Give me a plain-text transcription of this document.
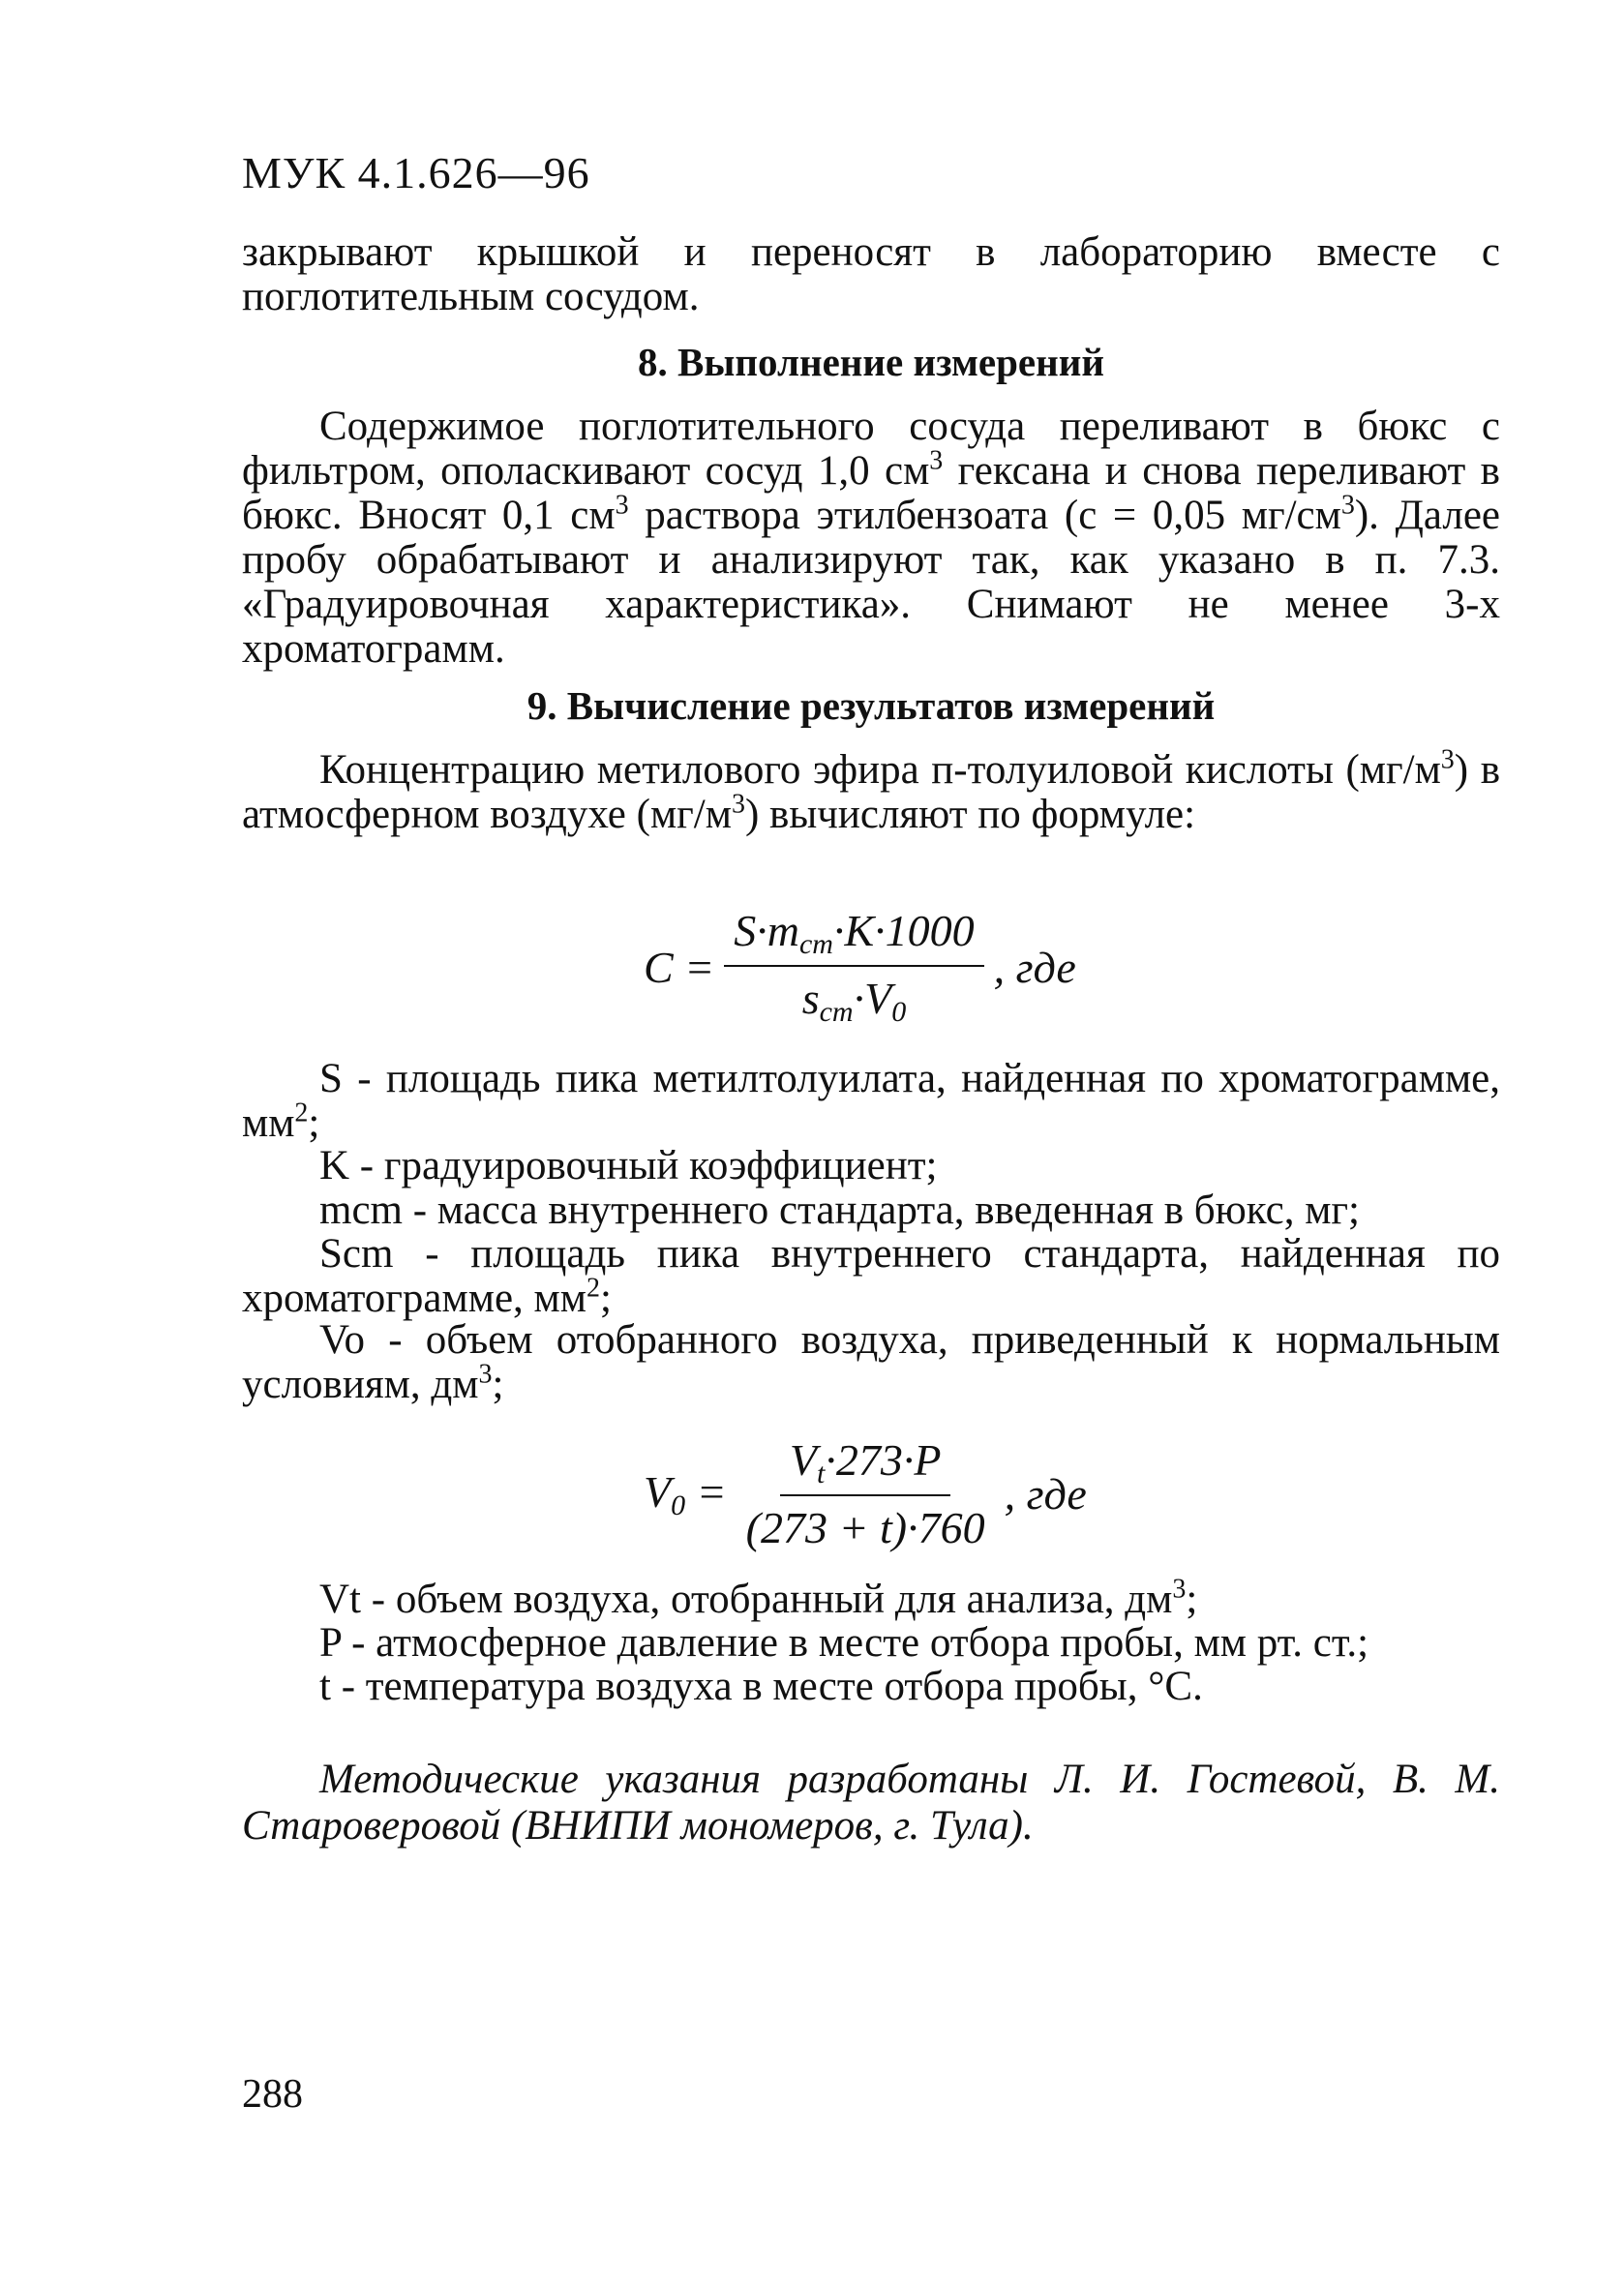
МУК 4.1.626—96
закрывают крышкой и переносят в лабораторию вместе с поглотительным сосудом.
8. Выполнение измерений
Содержимое поглотительного сосуда переливают в бюкс с фильтром, ополаскивают сосуд 1,0 $см^3$ гексана и снова переливают в бюкс. Вносят 0,1 $см^3$ раствора этилбензоата (с = 0,05 $мг/см^3$). Далее пробу обрабатывают и анализируют так, как указано в п. 7.3. «Градуировочная характеристика». Снимают не менее 3-х хроматограмм.
9. Вычисление результатов измерений
Концентрацию метилового эфира п-толуиловой кислоты $(мг/м^3)$ в атмосферном воздухе $(мг/м^3)$ вычисляют по формуле:
$C = \frac{S\cdot m_{cm}\cdot K\cdot 1000}{s_{cm}\cdot V_0}$ , где
S - площадь пика метилтолуилата, найденная по хроматограмме, $мм^2$;
K - градуировочный коэффициент;
mcm - масса внутреннего стандарта, введенная в бюкс, мг;
Scm - площадь пика внутреннего стандарта, найденная по хроматограмме, $мм^2$;
Vo - объем отобранного воздуха, приведенный к нормальным условиям, $дм^3$;
$V_0 = \frac{V_t\cdot 273\cdot P}{(273 + t)\cdot 760}$ , где
Vt - объем воздуха, отобранный для анализа, $дм^3$;
P - атмосферное давление в месте отбора пробы, мм рт. ст.;
t - температура воздуха в месте отбора пробы, °С.
Методические указания разработаны Л. И. Гостевой, В. М. Староверовой (ВНИПИ мономеров, г. Тула).
288
